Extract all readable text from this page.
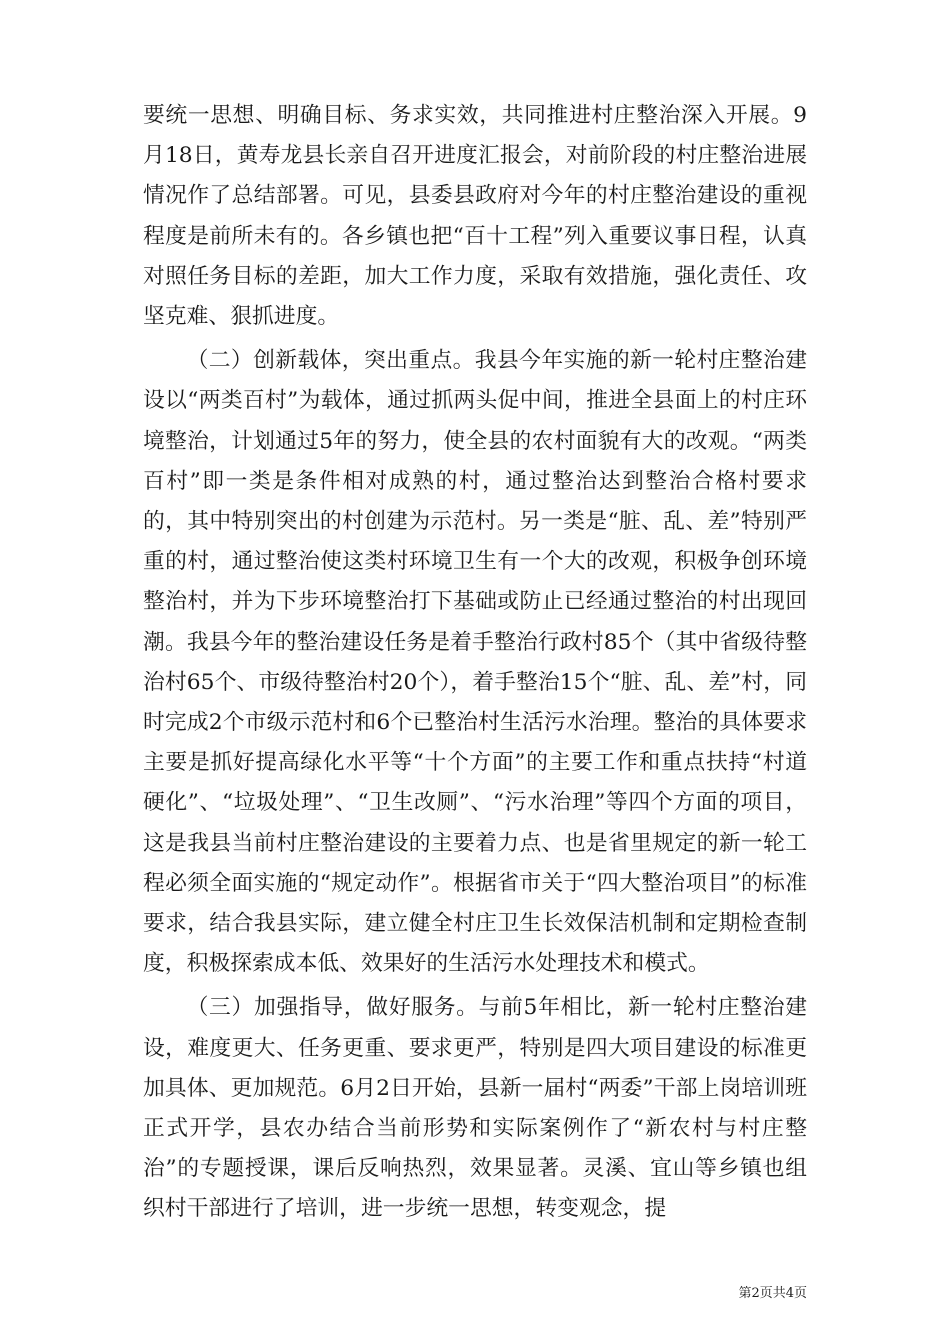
要统一思想、明确目标、务求实效，共同推进村庄整治深入开展。9月18日，黄寿龙县长亲自召开进度汇报会，对前阶段的村庄整治进展情况作了总结部署。可见，县委县政府对今年的村庄整治建设的重视程度是前所未有的。各乡镇也把“百十工程”列入重要议事日程，认真对照任务目标的差距，加大工作力度，采取有效措施，强化责任、攻坚克难、狠抓进度。

（二）创新载体，突出重点。我县今年实施的新一轮村庄整治建设以“两类百村”为载体，通过抓两头促中间，推进全县面上的村庄环境整治，计划通过5年的努力，使全县的农村面貌有大的改观。“两类百村”即一类是条件相对成熟的村，通过整治达到整治合格村要求的，其中特别突出的村创建为示范村。另一类是“脏、乱、差”特别严重的村，通过整治使这类村环境卫生有一个大的改观，积极争创环境整治村，并为下步环境整治打下基础或防止已经通过整治的村出现回潮。我县今年的整治建设任务是着手整治行政村85个（其中省级待整治村65个、市级待整治村20个），着手整治15个“脏、乱、差”村，同时完成2个市级示范村和6个已整治村生活污水治理。整治的具体要求主要是抓好提高绿化水平等“十个方面”的主要工作和重点扶持“村道硬化”、“垃圾处理”、“卫生改厕”、“污水治理”等四个方面的项目，这是我县当前村庄整治建设的主要着力点、也是省里规定的新一轮工程必须全面实施的“规定动作”。根据省市关于“四大整治项目”的标准要求，结合我县实际，建立健全村庄卫生长效保洁机制和定期检查制度，积极探索成本低、效果好的生活污水处理技术和模式。

（三）加强指导，做好服务。与前5年相比，新一轮村庄整治建设，难度更大、任务更重、要求更严，特别是四大项目建设的标准更加具体、更加规范。6月2日开始，县新一届村“两委”干部上岗培训班正式开学，县农办结合当前形势和实际案例作了“新农村与村庄整治”的专题授课，课后反响热烈，效果显著。灵溪、宜山等乡镇也组织村干部进行了培训，进一步统一思想，转变观念，提

第2页共4页
